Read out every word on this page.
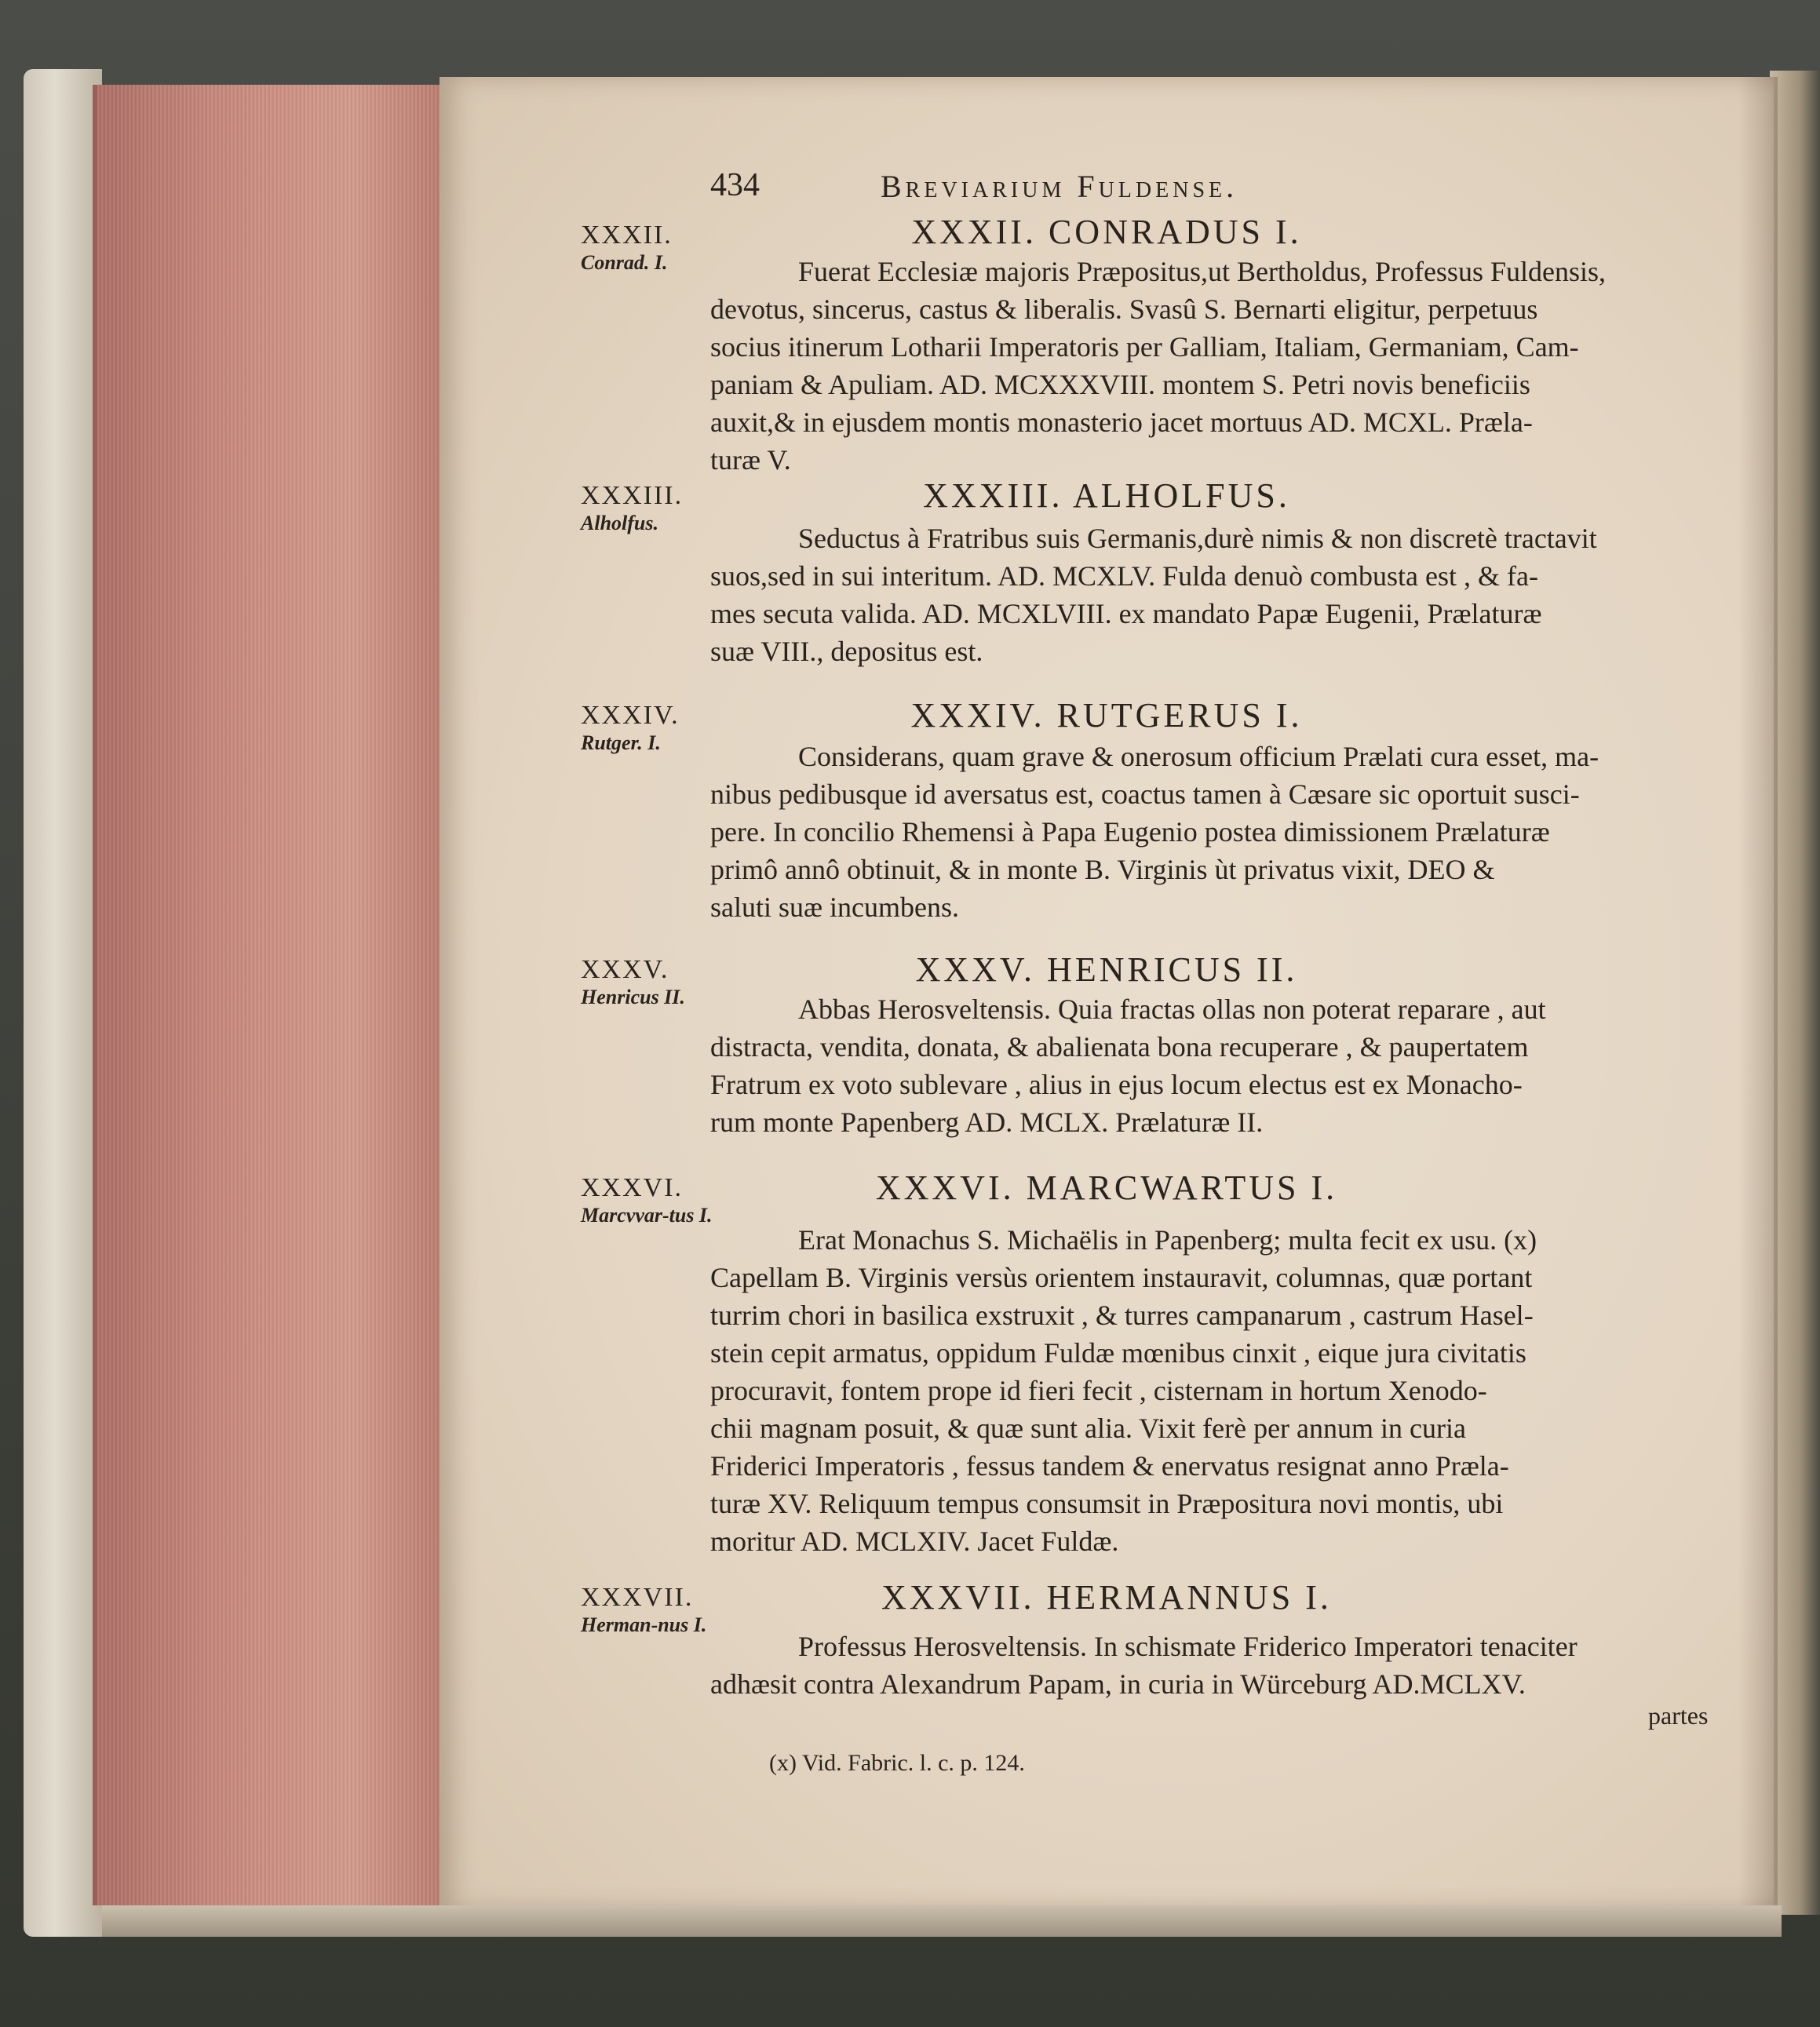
434	Breviarium Fuldense.
XXXII.
Conrad. I.
XXXII. CONRADUS I.
Fuerat Ecclesiæ majoris Præpositus,ut Bertholdus, Professus Fuldensis,
devotus, sincerus, castus & liberalis. Svasû S. Bernarti eligitur, perpetuus
socius itinerum Lotharii Imperatoris per Galliam, Italiam, Germaniam, Cam-
paniam & Apuliam. AD. MCXXXVIII. montem S. Petri novis beneficiis
auxit,& in ejusdem montis monasterio jacet mortuus AD. MCXL. Præla-
turæ V.
XXXIII.
Alholfus.
XXXIII. ALHOLFUS.
Seductus à Fratribus suis Germanis,durè nimis & non discretè tractavit
suos,sed in sui interitum. AD. MCXLV. Fulda denuò combusta est , & fa-
mes secuta valida. AD. MCXLVIII. ex mandato Papæ Eugenii, Prælaturæ
suæ VIII., depositus est.
XXXIV.
Rutger. I.
XXXIV. RUTGERUS I.
Considerans, quam grave & onerosum officium Prælati cura esset, ma-
nibus pedibusque id aversatus est, coactus tamen à Cæsare sic oportuit susci-
pere. In concilio Rhemensi à Papa Eugenio postea dimissionem Prælaturæ
primô annô obtinuit, & in monte B. Virginis ùt privatus vixit, DEO &
saluti suæ incumbens.
XXXV.
Henricus II.
XXXV. HENRICUS II.
Abbas Herosveltensis. Quia fractas ollas non poterat reparare , aut
distracta, vendita, donata, & abalienata bona recuperare , & paupertatem
Fratrum ex voto sublevare , alius in ejus locum electus est ex Monacho-
rum monte Papenberg AD. MCLX. Prælaturæ II.
XXXVI.
Marcvvar-tus I.
XXXVI. MARCWARTUS I.
Erat Monachus S. Michaëlis in Papenberg; multa fecit ex usu. (x)
Capellam B. Virginis versùs orientem instauravit, columnas, quæ portant
turrim chori in basilica exstruxit , & turres campanarum , castrum Hasel-
stein cepit armatus, oppidum Fuldæ mœnibus cinxit , eique jura civitatis
procuravit, fontem prope id fieri fecit , cisternam in hortum Xenodo-
chii magnam posuit, & quæ sunt alia. Vixit ferè per annum in curia
Friderici Imperatoris , fessus tandem & enervatus resignat anno Præla-
turæ XV. Reliquum tempus consumsit in Præpositura novi montis, ubi
moritur AD. MCLXIV. Jacet Fuldæ.
XXXVII.
Herman-nus I.
XXXVII. HERMANNUS I.
Professus Herosveltensis. In schismate Friderico Imperatori tenaciter
adhæsit contra Alexandrum Papam, in curia in Würceburg AD.MCLXV.
partes
(x) Vid. Fabric. l. c. p. 124.
